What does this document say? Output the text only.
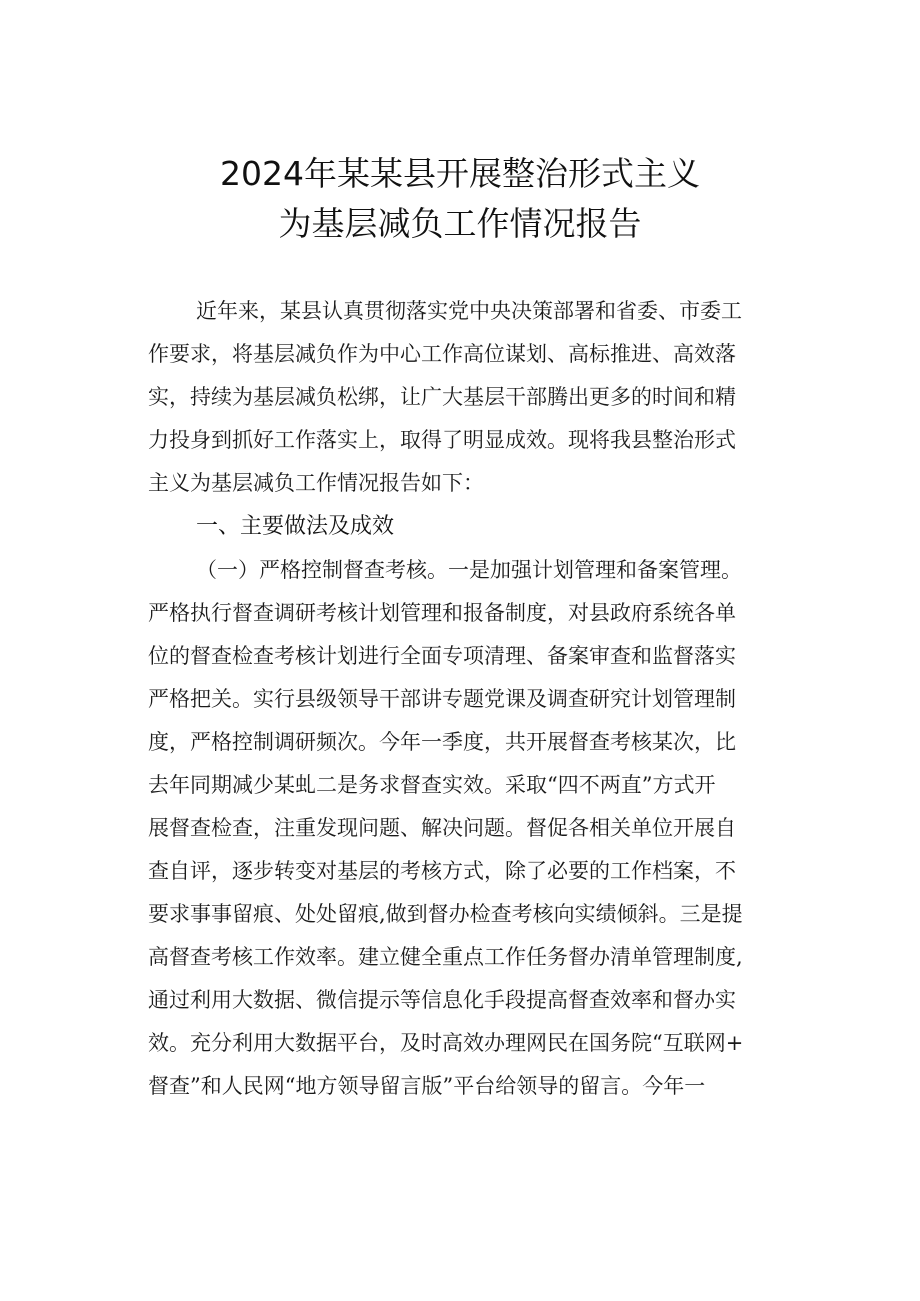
2024年某某县开展整治形式主义
为基层减负工作情况报告
近年来，某县认真贯彻落实党中央决策部署和省委、市委工
作要求，将基层减负作为中心工作高位谋划、高标推进、高效落
实，持续为基层减负松绑，让广大基层干部腾出更多的时间和精
力投身到抓好工作落实上，取得了明显成效。现将我县整治形式
主义为基层减负工作情况报告如下：
一、主要做法及成效
（一）严格控制督查考核。一是加强计划管理和备案管理。
严格执行督查调研考核计划管理和报备制度，对县政府系统各单
位的督查检查考核计划进行全面专项清理、备案审查和监督落实
严格把关。实行县级领导干部讲专题党课及调查研究计划管理制
度，严格控制调研频次。今年一季度，共开展督查考核某次，比
去年同期减少某虬二是务求督查实效。采取“四不两直”方式开
展督查检查，注重发现问题、解决问题。督促各相关单位开展自
查自评，逐步转变对基层的考核方式，除了必要的工作档案，不
要求事事留痕、处处留痕,做到督办检查考核向实绩倾斜。三是提
高督查考核工作效率。建立健全重点工作任务督办清单管理制度,
通过利用大数据、微信提示等信息化手段提高督查效率和督办实
效。充分利用大数据平台，及时高效办理网民在国务院“互联网+
督查”和人民网“地方领导留言版”平台给领导的留言。今年一
